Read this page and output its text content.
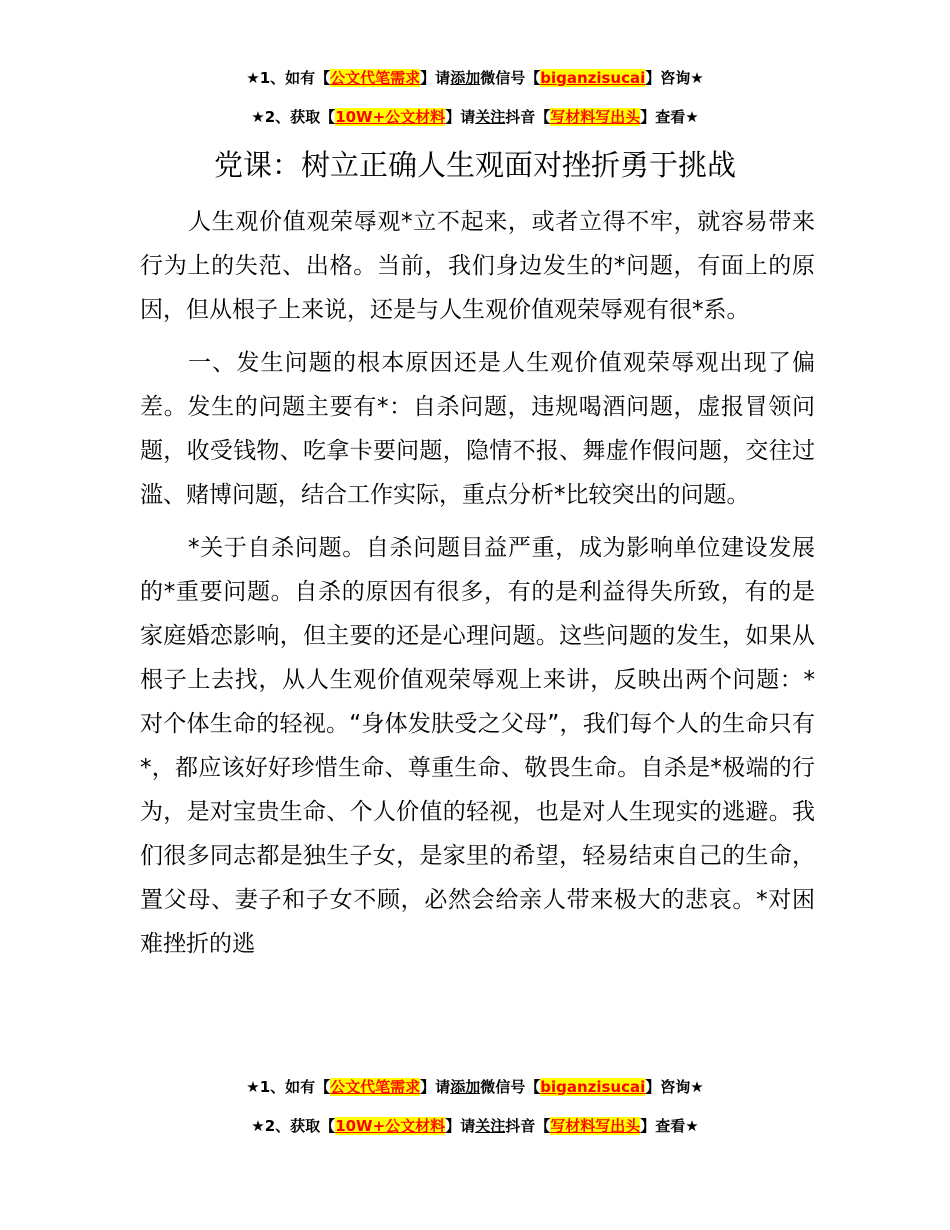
★1、如有【公文代笔需求】请添加微信号【biganzisucai】咨询★
★2、获取【10W+公文材料】请关注抖音【写材料写出头】查看★
党课：树立正确人生观面对挫折勇于挑战

人生观价值观荣辱观*立不起来，或者立得不牢，就容易带来行为上的失范、出格。当前，我们身边发生的*问题，有面上的原因，但从根子上来说，还是与人生观价值观荣辱观有很*系。

一、发生问题的根本原因还是人生观价值观荣辱观出现了偏差。发生的问题主要有*：自杀问题，违规喝酒问题，虚报冒领问题，收受钱物、吃拿卡要问题，隐情不报、舞虚作假问题，交往过滥、赌博问题，结合工作实际，重点分析*比较突出的问题。

*关于自杀问题。自杀问题目益严重，成为影响单位建设发展的*重要问题。自杀的原因有很多，有的是利益得失所致，有的是家庭婚恋影响，但主要的还是心理问题。这些问题的发生，如果从根子上去找，从人生观价值观荣辱观上来讲，反映出两个问题：*对个体生命的轻视。“身体发肤受之父母”，我们每个人的生命只有*，都应该好好珍惜生命、尊重生命、敬畏生命。自杀是*极端的行为，是对宝贵生命、个人价值的轻视，也是对人生现实的逃避。我们很多同志都是独生子女，是家里的希望，轻易结束自己的生命，置父母、妻子和子女不顾，必然会给亲人带来极大的悲哀。*对困难挫折的逃

★1、如有【公文代笔需求】请添加微信号【biganzisucai】咨询★
★2、获取【10W+公文材料】请关注抖音【写材料写出头】查看★
